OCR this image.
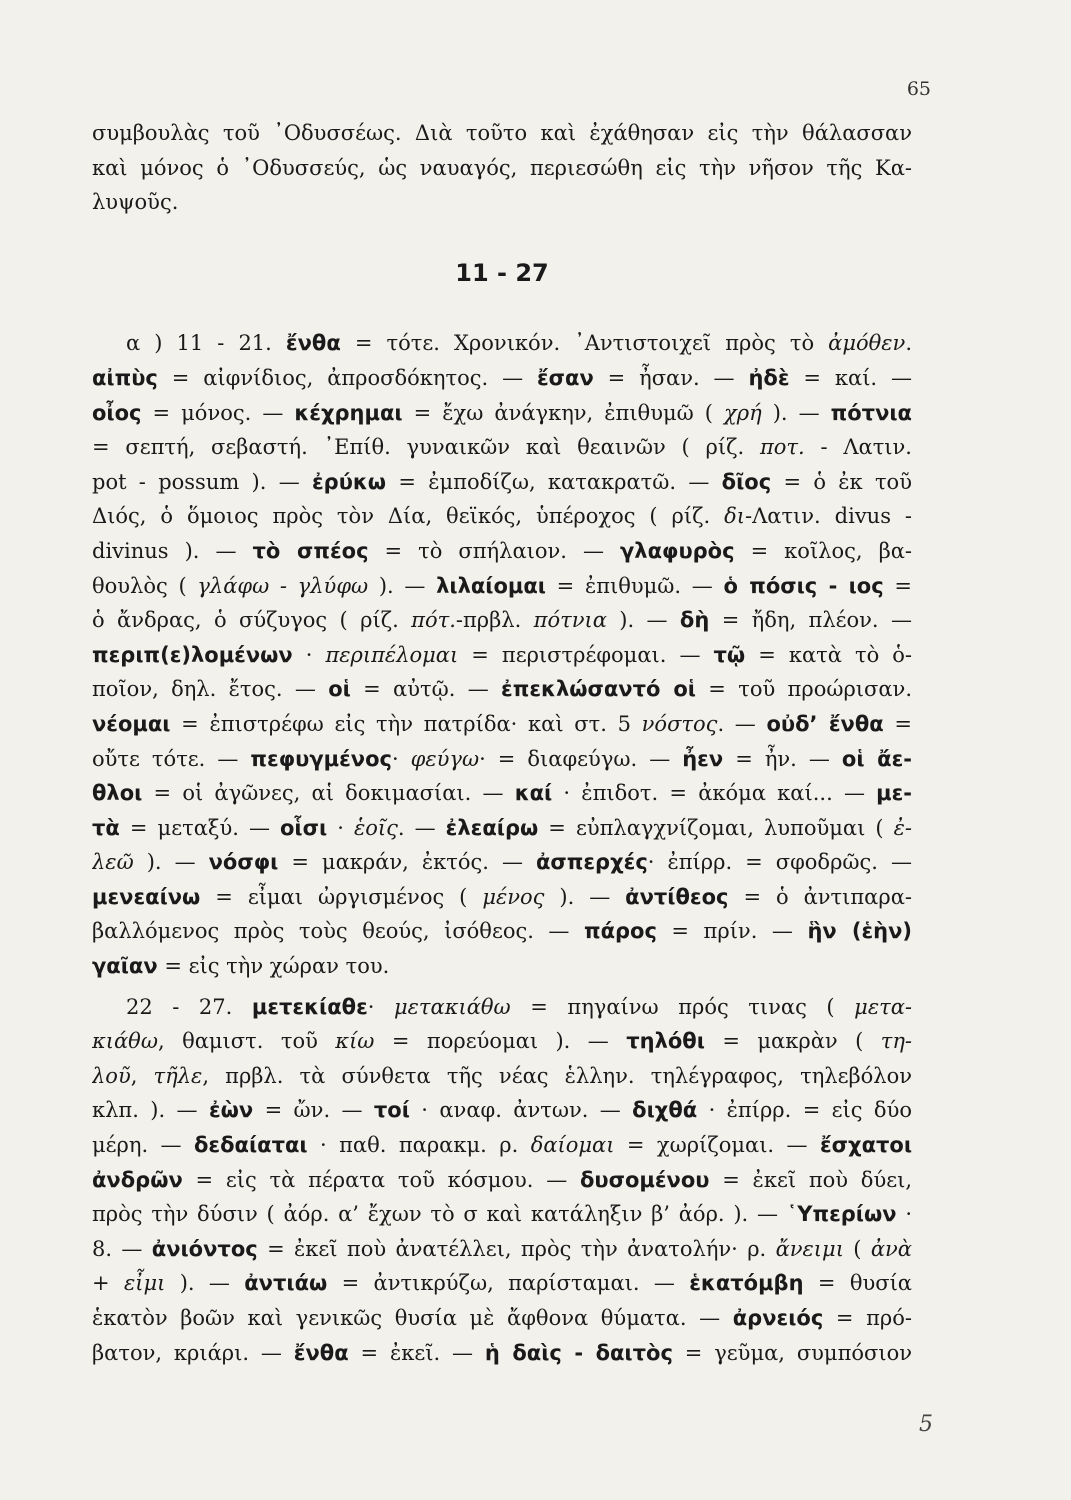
65
συμβουλὰς τοῦ ᾿Οδυσσέως. Διὰ τοῦτο καὶ ἐχάθησαν εἰς τὴν θάλασσαν
καὶ μόνος ὁ ᾿Οδυσσεύς, ὡς ναυαγός, περιεσώθη εἰς τὴν νῆσον τῆς Κα-
λυψοῦς.
11 - 27
α ) 11 - 21. ἔνθα = τότε. Χρονικόν. ᾿Αντιστοιχεῖ πρὸς τὸ ἀμόθεν.
αἰπὺς = αἰφνίδιος, ἀπροσδόκητος. — ἔσαν = ἦσαν. — ἠδὲ = καί. —
οἶος = μόνος. — κέχρημαι = ἔχω ἀνάγκην, ἐπιθυμῶ ( χρή ). — πότνια
= σεπτή, σεβαστή. ᾿Επίθ. γυναικῶν καὶ θεαινῶν ( ρίζ. ποτ. - Λατιν.
pot - possum ). — ἐρύκω = ἐμποδίζω, κατακρατῶ. — δῖος = ὁ ἐκ τοῦ
Διός, ὁ ὅμοιος πρὸς τὸν Δία, θεϊκός, ὑπέροχος ( ρίζ. δι-Λατιν. divus -
divinus ). — τὸ σπέος = τὸ σπήλαιον. — γλαφυρὸς = κοῖλος, βα-
θουλὸς ( γλάφω - γλύφω ). — λιλαίομαι = ἐπιθυμῶ. — ὁ πόσις - ιος =
ὁ ἄνδρας, ὁ σύζυγος ( ρίζ. πότ.-πρβλ. πότνια ). — δὴ = ἤδη, πλέον. —
περιπ(ε)λομένων · περιπέλομαι = περιστρέφομαι. — τῷ = κατὰ τὸ ὁ-
ποῖον, δηλ. ἔτος. — οἱ = αὐτῷ. — ἐπεκλώσαντό οἱ = τοῦ προώρισαν.
νέομαι = ἐπιστρέφω εἰς τὴν πατρίδα· καὶ στ. 5 νόστος. — οὐδ’ ἔνθα =
οὔτε τότε. — πεφυγμένος· φεύγω· = διαφεύγω. — ἦεν = ἦν. — οἱ ἄε-
θλοι = οἱ ἀγῶνες, αἱ δοκιμασίαι. — καί · ἐπιδοτ. = ἀκόμα καί... — με-
τὰ = μεταξύ. — οἷσι · ἑοῖς. — ἐλεαίρω = εὐπλαγχνίζομαι, λυποῦμαι ( ἐ-
λεῶ ). — νόσφι = μακράν, ἐκτός. — ἀσπερχές· ἐπίρρ. = σφοδρῶς. —
μενεαίνω = εἶμαι ὠργισμένος ( μένος ). — ἀντίθεος = ὁ ἀντιπαρα-
βαλλόμενος πρὸς τοὺς θεούς, ἰσόθεος. — πάρος = πρίν. — ἣν (ἑὴν)
γαῖαν = εἰς τὴν χώραν του.
22 - 27. μετεκίαθε· μετακιάθω = πηγαίνω πρός τινας ( μετα-
κιάθω, θαμιστ. τοῦ κίω = πορεύομαι ). — τηλόθι = μακρὰν ( τη-
λοῦ, τῆλε, πρβλ. τὰ σύνθετα τῆς νέας ἑλλην. τηλέγραφος, τηλεβόλον
κλπ. ). — ἐὼν = ὤν. — τοί · αναφ. ἀντων. — διχθά · ἐπίρρ. = εἰς δύο
μέρη. — δεδαίαται · παθ. παρακμ. ρ. δαίομαι = χωρίζομαι. — ἔσχατοι
ἀνδρῶν = εἰς τὰ πέρατα τοῦ κόσμου. — δυσομένου = ἐκεῖ ποὺ δύει,
πρὸς τὴν δύσιν ( ἀόρ. α’ ἔχων τὸ σ καὶ κατάληξιν β’ ἀόρ. ). — ῾Υπερίων ·
8. — ἀνιόντος = ἐκεῖ ποὺ ἀνατέλλει, πρὸς τὴν ἀνατολήν· ρ. ἄνειμι ( ἀνὰ
+ εἶμι ). — ἀντιάω = ἀντικρύζω, παρίσταμαι. — ἑκατόμβη = θυσία
ἑκατὸν βοῶν καὶ γενικῶς θυσία μὲ ἄφθονα θύματα. — ἀρνειός = πρό-
βατον, κριάρι. — ἔνθα = ἐκεῖ. — ἡ δαὶς - δαιτὸς = γεῦμα, συμπόσιον
5
